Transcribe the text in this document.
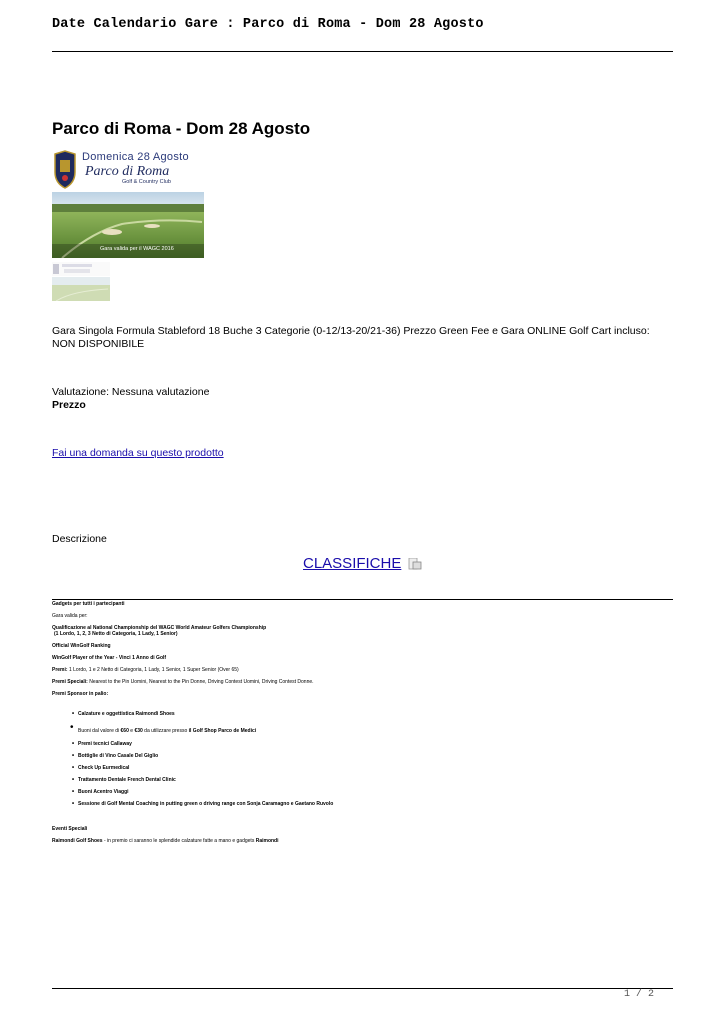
Date Calendario Gare : Parco di Roma - Dom 28 Agosto
Parco di Roma - Dom 28 Agosto
Domenica 28 Agosto
Parco di Roma
Golf & Country Club
Gara valida per il WAGC 2016
Gara Singola Formula Stableford 18 Buche 3 Categorie (0-12/13-20/21-36) Prezzo Green Fee e Gara ONLINE Golf Cart incluso: NON DISPONIBILE
Valutazione: Nessuna valutazione
Prezzo
Fai una domanda su questo prodotto
Descrizione
CLASSIFICHE
Gadgets per tutti i partecipanti
Gara valida per:
Qualificazione al National Championship del WAGC World Amateur Golfers Championship
(1 Lordo, 1, 2, 3 Netto di Categoria, 1 Lady, 1 Senior)
Official WinGolf Ranking
WinGolf Player of the Year - Vinci 1 Anno di Golf
Premi: 1 Lordo, 1 e 2 Netto di Categoria, 1 Lady, 1 Senior, 1 Super Senior (Over 65)
Premi Speciali: Nearest to the Pin Uomini, Nearest to the Pin Donne, Driving Contest Uomini, Driving Contest Donne.
Premi Sponsor in palio:
• Calzature e oggettistica Raimondi Shoes
• Buoni dal valore di €60 e €30 da utilizzare presso il Golf Shop Parco de Medici
• Premi tecnici Callaway
• Bottiglie di Vino Casale Del Giglio
• Check Up Eurmedical
• Trattamento Dentale French Dental Clinic
• Buoni Acentro Viaggi
• Sessione di Golf Mental Coaching in putting green o driving range con Sonja Caramagno e Gaetano Ruvolo
Eventi Speciali
Raimondi Golf Shoes - in premio ci saranno le splendide calzature fatte a mano e gadgets Raimondi
1 / 2
